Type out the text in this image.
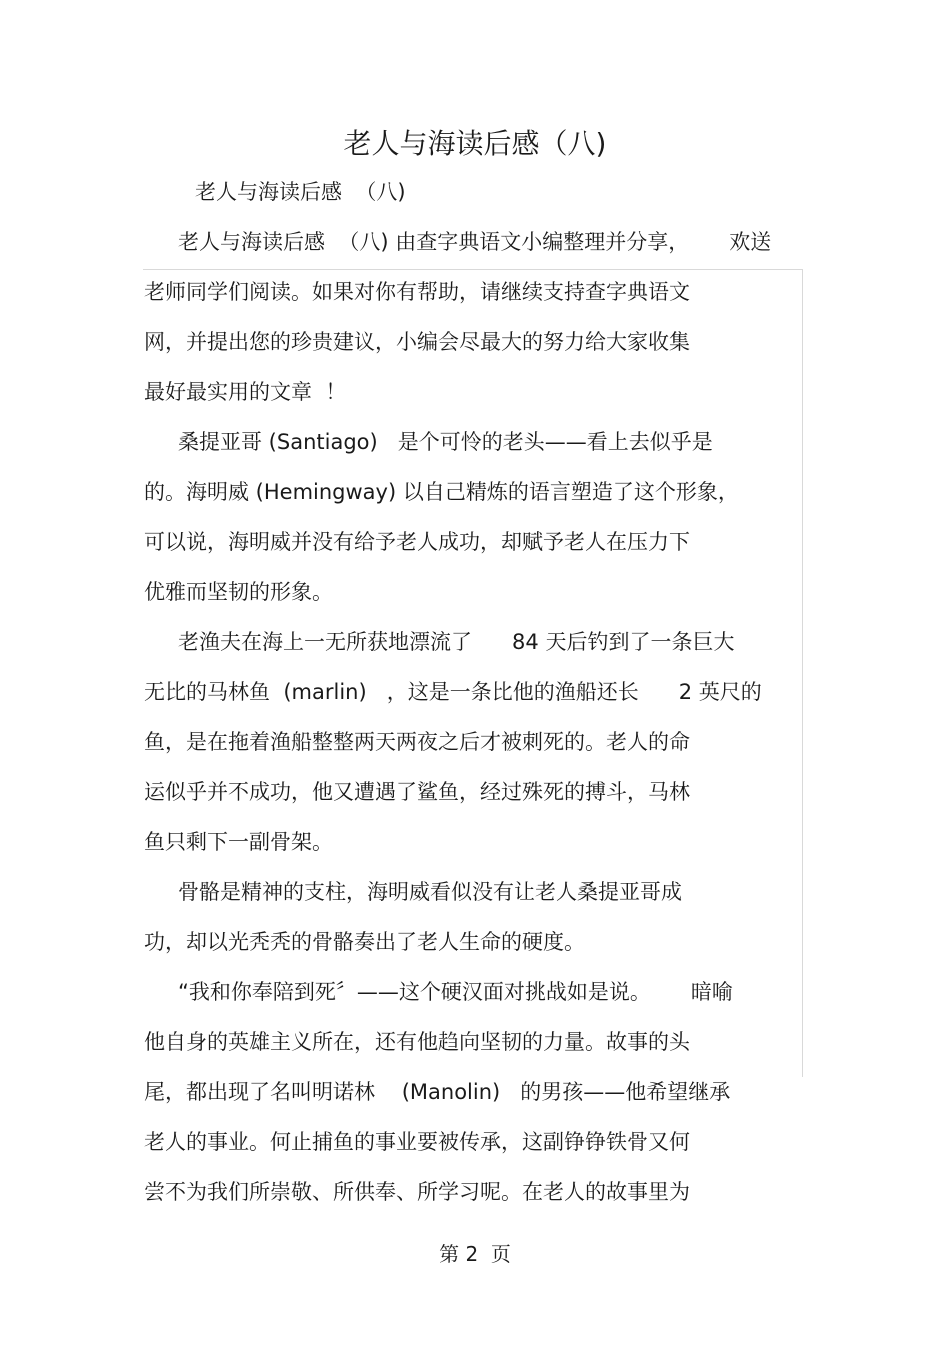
老人与海读后感（八)
老人与海读后感  （八)
老人与海读后感  （八) 由查字典语文小编整理并分享，      欢送
老师同学们阅读。如果对你有帮助，请继续支持查字典语文
网，并提出您的珍贵建议，小编会尽最大的努力给大家收集
最好最实用的文章  ！
桑提亚哥 (Santiago)   是个可怜的老头——看上去似乎是
的。海明威 (Hemingway) 以自己精炼的语言塑造了这个形象，
可以说，海明威并没有给予老人成功，却赋予老人在压力下
优雅而坚韧的形象。
老渔夫在海上一无所获地漂流了      84 天后钓到了一条巨大
无比的马林鱼  (marlin)   ，这是一条比他的渔船还长      2 英尺的
鱼，是在拖着渔船整整两天两夜之后才被刺死的。老人的命
运似乎并不成功，他又遭遇了鲨鱼，经过殊死的搏斗，马林
鱼只剩下一副骨架。
骨骼是精神的支柱，海明威看似没有让老人桑提亚哥成
功，却以光秃秃的骨骼奏出了老人生命的硬度。
“我和你奉陪到死〞——这个硬汉面对挑战如是说。      暗喻
他自身的英雄主义所在，还有他趋向坚韧的力量。故事的头
尾，都出现了名叫明诺林    (Manolin)   的男孩——他希望继承
老人的事业。何止捕鱼的事业要被传承，这副铮铮铁骨又何
尝不为我们所崇敬、所供奉、所学习呢。在老人的故事里为
第 2  页
